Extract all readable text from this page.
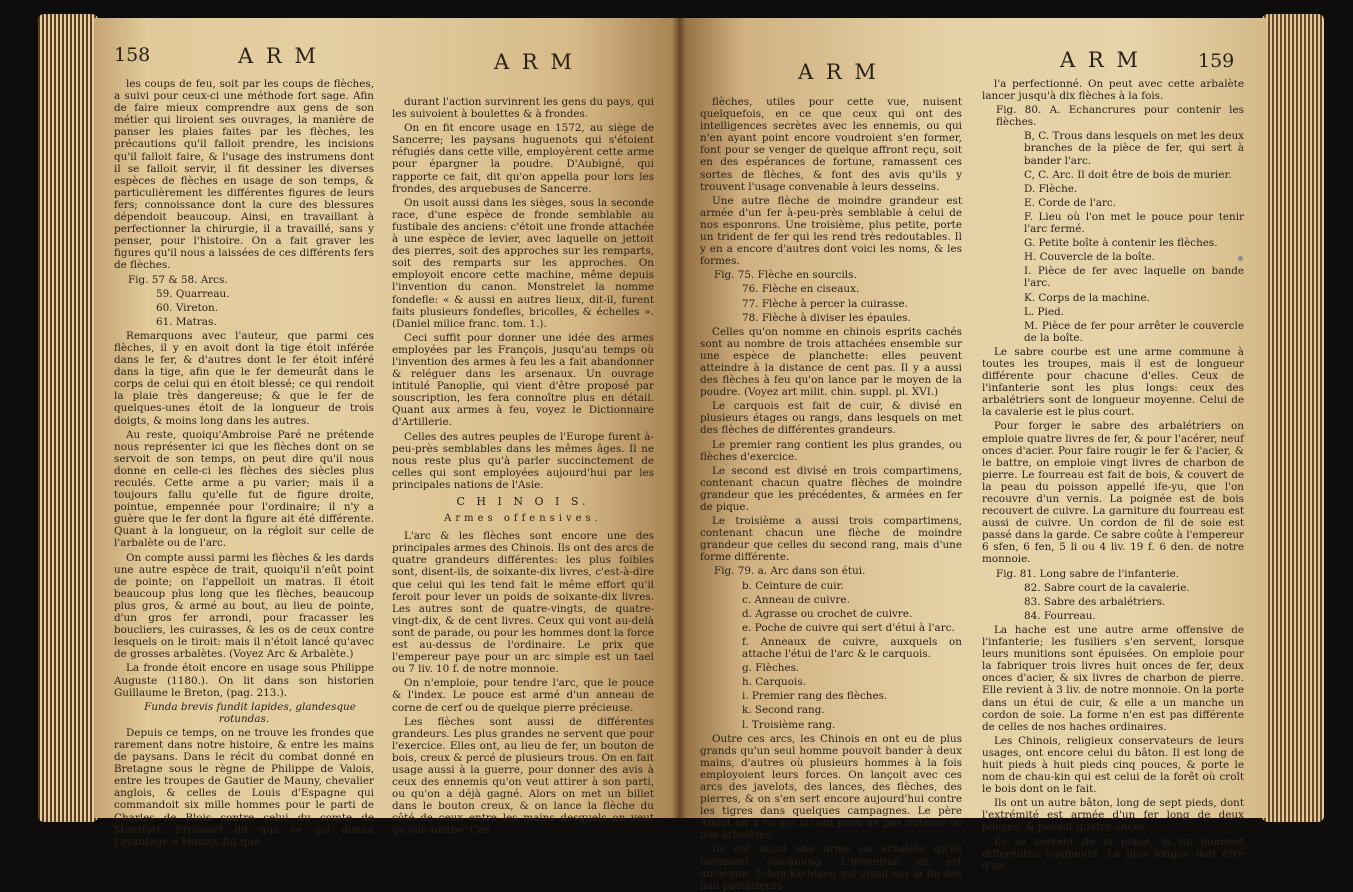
158	A R M	A R M	A R M	A R M	159

les coups de feu, soit par les coups de flèches, a suivi pour ceux-ci une méthode fort sage. Afin de faire mieux comprendre aux gens de son métier qui liroient ses ouvrages, la manière de panser les plaies faites par les flèches, les précautions qu'il falloit prendre, les incisions qu'il falloit faire, & l'usage des instrumens dont il se falloit servir, il fit dessiner les diverses espèces de flèches en usage de son temps, & particulièrement les différentes figures de leurs fers; connoissance dont la cure des blessures dépendoit beaucoup. Ainsi, en travaillant à perfectionner la chirurgie, il a travaillé, sans y penser, pour l'histoire. On a fait graver les figures qu'il nous a laissées de ces différents fers de flèches.

Fig. 57 & 58. Arcs.

59. Quarreau.

60. Vireton.

61. Matras.

Remarquons avec l'auteur, que parmi ces flèches, il y en avoit dont la tige étoit inférée dans le fer, & d'autres dont le fer étoit inféré dans la tige, afin que le fer demeurât dans le corps de celui qui en étoit blessé; ce qui rendoit la plaie très dangereuse; & que le fer de quelques-unes étoit de la longueur de trois doigts, & moins long dans les autres.

Au reste, quoiqu'Ambroise Paré ne prétende nous représenter ici que les flèches dont on se servoit de son temps, on peut dire qu'il nous donne en celle-ci les flèches des siècles plus reculés. Cette arme a pu varier; mais il a toujours fallu qu'elle fut de figure droite, pointue, empennée pour l'ordinaire; il n'y a guère que le fer dont la figure ait été différente. Quant à la longueur, on la régloit sur celle de l'arbalète ou de l'arc.

On compte aussi parmi les flèches & les dards une autre espèce de trait, quoiqu'il n'eût point de pointe; on l'appelloit un matras. Il étoit beaucoup plus long que les flèches, beaucoup plus gros, & armé au bout, au lieu de pointe, d'un gros fer arrondi, pour fracasser les boucliers, les cuirasses, & les os de ceux contre lesquels on le tiroit: mais il n'étoit lancé qu'avec de grosses arbalètes. (Voyez Arc & Arbalète.)

La fronde étoit encore en usage sous Philippe Auguste (1180.). On lit dans son historien Guillaume le Breton, (pag. 213.).

Funda brevis fundit lapides, glandesque rotundas.

Depuis ce temps, on ne trouve les frondes que rarement dans notre histoire, & entre les mains de paysans. Dans le récit du combat donné en Bretagne sous le règne de Philippe de Valois, entre les troupes de Gautier de Mauny, chevalier anglois, & celles de Louis d'Espagne qui commandoit six mille hommes pour le parti de Charles de Blois contre celui du comte de Montfort, Froissart dit que ce qui donna l'avantage à Mauny, fut que

durant l'action survinrent les gens du pays, qui les suivoient à boulettes & à frondes.

On en fit encore usage en 1572, au siège de Sancerre; les paysans huguenots qui s'étoient réfugiés dans cette ville, employèrent cette arme pour épargner la poudre. D'Aubigné, qui rapporte ce fait, dit qu'on appella pour lors les frondes, des arquebuses de Sancerre.

On usoit aussi dans les sièges, sous la seconde race, d'une espèce de fronde semblable au fustibale des anciens: c'étoit une fronde attachée à une espèce de levier, avec laquelle on jettoit des pierres, soit des approches sur les remparts, soit des remparts sur les approches. On employoit encore cette machine, même depuis l'invention du canon. Monstrelet la nomme fondefle: « & aussi en autres lieux, dit-il, furent faits plusieurs fondefles, bricolles, & échelles ». (Daniel milice franc. tom. 1.).

Ceci suffit pour donner une idée des armes employées par les François, jusqu'au temps où l'invention des armes à feu les a fait abandonner & reléguer dans les arsenaux. Un ouvrage intitulé Panoplie, qui vient d'être proposé par souscription, les fera connoître plus en détail. Quant aux armes à feu, voyez le Dictionnaire d'Artillerie.

Celles des autres peuples de l'Europe furent à-peu-près semblables dans les mêmes âges. Il ne nous reste plus qu'à parler succinctement de celles qui sont employées aujourd'hui par les principales nations de l'Asie.

C H I N O I S.
Armes offensives.

L'arc & les flèches sont encore une des principales armes des Chinois. Ils ont des arcs de quatre grandeurs différentes: les plus foibles sont, disent-ils, de soixante-dix livres, c'est-à-dire que celui qui les tend fait le même effort qu'il feroit pour lever un poids de soixante-dix livres. Les autres sont de quatre-vingts, de quatre-vingt-dix, & de cent livres. Ceux qui vont au-delà sont de parade, ou pour les hommes dont la force est au-dessus de l'ordinaire. Le prix que l'empereur paye pour un arc simple est un tael ou 7 liv. 10 f. de notre monnoie.

On n'emploie, pour tendre l'arc, que le pouce & l'index. Le pouce est armé d'un anneau de corne de cerf ou de quelque pierre précieuse.

Les flèches sont aussi de différentes grandeurs. Les plus grandes ne servent que pour l'exercice. Elles ont, au lieu de fer, un bouton de bois, creux & percé de plusieurs trous. On en fait usage aussi à la guerre, pour donner des avis à ceux des ennemis qu'on veut attirer à son parti, ou qu'on a déjà gagné. Alors on met un billet dans le bouton creux, & on lance la flèche du côté de ceux entre les mains desquels on veut qu'elle tombe. Ces

flèches, utiles pour cette vue, nuisent quelquefois, en ce que ceux qui ont des intelligences secrètes avec les ennemis, ou qui n'en ayant point encore voudroient s'en former, font pour se venger de quelque affront reçu, soit en des espérances de fortune, ramassent ces sortes de flèches, & font des avis qu'ils y trouvent l'usage convenable à leurs desseins.

Une autre flèche de moindre grandeur est armée d'un fer à-peu-près semblable à celui de nos esponrons. Une troisième, plus petite, porte un trident de fer qui les rend très redoutables. Il y en a encore d'autres dont voici les noms, & les formes.

Fig. 75. Flèche en sourcils.

76. Flèche en ciseaux.

77. Flèche à percer la cuirasse.

78. Flèche à diviser les épaules.

Celles qu'on nomme en chinois esprits cachés sont au nombre de trois attachées ensemble sur une espèce de planchette: elles peuvent atteindre à la distance de cent pas. Il y a aussi des flèches à feu qu'on lance par le moyen de la poudre. (Voyez art milit. chin. suppl. pl. XVI.)

Le carquois est fait de cuir, & divisé en plusieurs étages ou rangs, dans lesquels on met des flèches de différentes grandeurs.

Le premier rang contient les plus grandes, ou flèches d'exercice.

Le second est divisé en trois compartimens, contenant chacun quatre flèches de moindre grandeur que les précédentes, & armées en fer de pique.

Le troisième a aussi trois compartimens, contenant chacun une flèche de moindre grandeur que celles du second rang, mais d'une forme différente.

Fig. 79. a. Arc dans son étui.

b. Ceinture de cuir.

c. Anneau de cuivre.

d. Agrasse ou crochet de cuivre.

e. Poche de cuivre qui sert d'étui à l'arc.

f. Anneaux de cuivre, auxquels on attache l'étui de l'arc & le carquois.

g. Flèches.

h. Carquois.

i. Premier rang des flèches.

k. Second rang.

l. Troisième rang.

Outre ces arcs, les Chinois en ont eu de plus grands qu'un seul homme pouvoit bander à deux mains, d'autres où plusieurs hommes à la fois employoient leurs forces. On lançoit avec ces arcs des javelots, des lances, des flèches, des pierres, & on s'en sert encore aujourd'hui contre les tigres dans quelques campagnes. Le père Amiot en a vu qui lui ont paru ne pas différer de nos arbalètes.

Ils ont aussi une arme ou arbalète qu'ils nomment son-koung. L'invention en est ancienne. Tchou-Ko-leang qui vivoit sur la fin des han postérieurs

l'a perfectionné. On peut avec cette arbalète lancer jusqu'à dix flèches à la fois.

Fig. 80. A. Echancrures pour contenir les flèches.

B, C. Trous dans lesquels on met les deux branches de la pièce de fer, qui sert à bander l'arc.

C, C. Arc. Il doit être de bois de murier.

D. Flèche.

E. Corde de l'arc.

F. Lieu où l'on met le pouce pour tenir l'arc fermé.

G. Petite boîte à contenir les flèches.

H. Couvercle de la boîte.

I. Pièce de fer avec laquelle on bande l'arc.

K. Corps de la machine.

L. Pied.

M. Pièce de fer pour arrêter le couvercle de la boîte.

Le sabre courbe est une arme commune à toutes les troupes, mais il est de longueur différente pour chacune d'elles. Ceux de l'infanterie sont les plus longs: ceux des arbalétriers sont de longueur moyenne. Celui de la cavalerie est le plus court.

Pour forger le sabre des arbalétriers on emploie quatre livres de fer, & pour l'acérer, neuf onces d'acier. Pour faire rougir le fer & l'acier, & le battre, on emploie vingt livres de charbon de pierre. Le fourreau est fait de bois, & couvert de la peau du poisson appellé ife-yu, que l'on recouvre d'un vernis. La poignée est de bois recouvert de cuivre. La garniture du fourreau est aussi de cuivre. Un cordon de fil de soie est passé dans la garde. Ce sabre coûte à l'empereur 6 sfen, 6 fen, 5 li ou 4 liv. 19 f. 6 den. de notre monnoie.

Fig. 81. Long sabre de l'infanterie.

82. Sabre court de la cavalerie.

83. Sabre des arbalétriers.

84. Fourreau.

La hache est une autre arme offensive de l'infanterie; les fusiliers s'en servent, lorsque leurs munitions sont épuisées. On emploie pour la fabriquer trois livres huit onces de fer, deux onces d'acier, & six livres de charbon de pierre. Elle revient à 3 liv. de notre monnoie. On la porte dans un étui de cuir, & elle a un manche un cordon de soie. La forme n'en est pas différente de celles de nos haches ordinaires.

Les Chinois, religieux conservateurs de leurs usages, ont encore celui du bâton. Il est long de huit pieds à huit pieds cinq pouces, & porte le nom de chau-kin qui est celui de la forêt où croît le bois dont on le fait.

Ils ont un autre bâton, long de sept pieds, dont l'extrémité est armée d'un fer long de deux pouces, & pesant quatre onces.

Ils se servent de la pique, & lui donnent différentes longueurs. La plus longue doit être d'un
